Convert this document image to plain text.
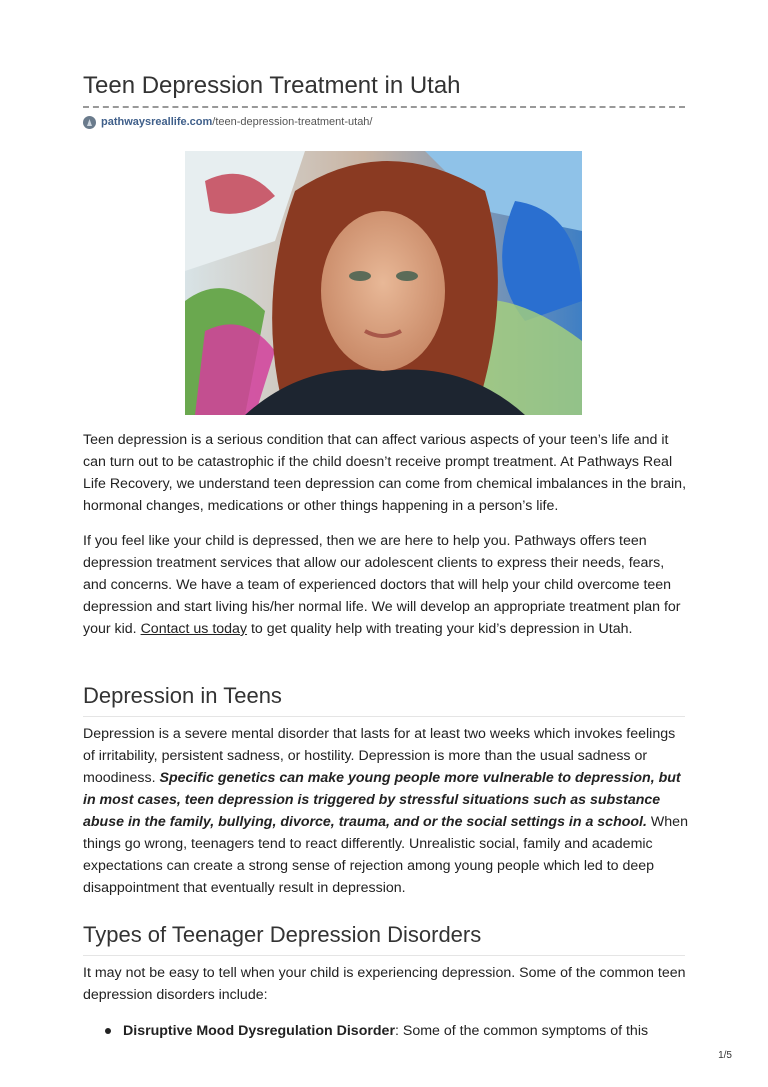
Teen Depression Treatment in Utah
pathwaysreallife.com /teen-depression-treatment-utah/

Teen depression is a serious condition that can affect various aspects of your teen’s life and it can turn out to be catastrophic if the child doesn’t receive prompt treatment. At Pathways Real Life Recovery, we understand teen depression can come from chemical imbalances in the brain, hormonal changes, medications or other things happening in a person’s life.

If you feel like your child is depressed, then we are here to help you. Pathways offers teen depression treatment services that allow our adolescent clients to express their needs, fears, and concerns. We have a team of experienced doctors that will help your child overcome teen depression and start living his/her normal life. We will develop an appropriate treatment plan for your kid. Contact us today to get quality help with treating your kid’s depression in Utah.

Depression in Teens

Depression is a severe mental disorder that lasts for at least two weeks which invokes feelings of irritability, persistent sadness, or hostility. Depression is more than the usual sadness or moodiness. Specific genetics can make young people more vulnerable to depression, but in most cases, teen depression is triggered by stressful situations such as substance abuse in the family, bullying, divorce, trauma, and or the social settings in a school. When things go wrong, teenagers tend to react differently. Unrealistic social, family and academic expectations can create a strong sense of rejection among young people which led to deep disappointment that eventually result in depression.

Types of Teenager Depression Disorders

It may not be easy to tell when your child is experiencing depression. Some of the common teen depression disorders include:

Disruptive Mood Dysregulation Disorder: Some of the common symptoms of this
1/5
